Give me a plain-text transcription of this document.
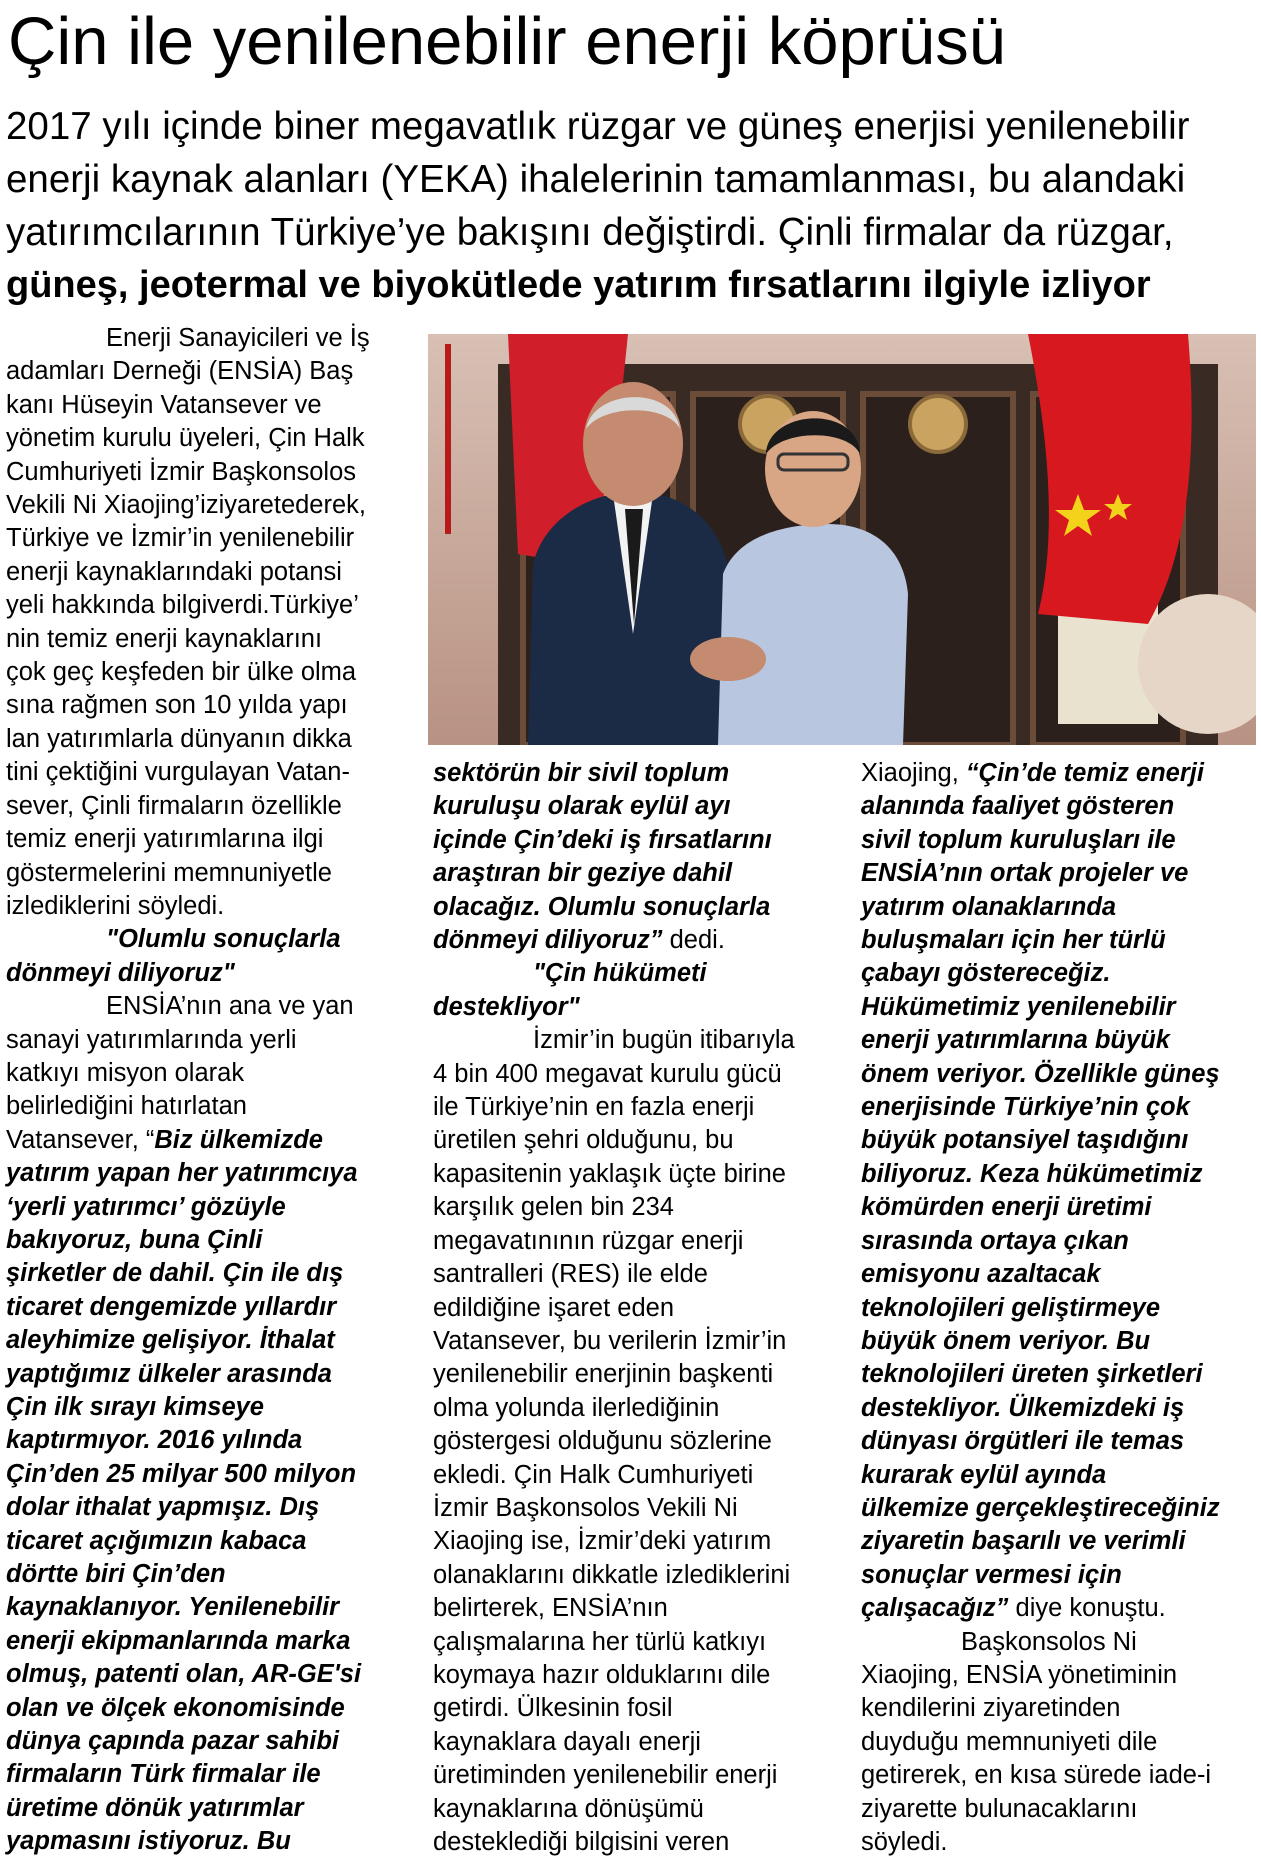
Çin ile yenilenebilir enerji köprüsü
2017 yılı içinde biner megavatlık rüzgar ve güneş enerjisi yenilenebilir
enerji kaynak alanları (YEKA) ihalelerinin tamamlanması, bu alandaki
yatırımcılarının Türkiye’ye bakışını değiştirdi. Çinli firmalar da rüzgar,
güneş, jeotermal ve biyokütlede yatırım fırsatlarını ilgiyle izliyor
Enerji Sanayicileri ve İş
adamları Derneği (ENSİA) Baş
kanı Hüseyin Vatansever ve
yönetim kurulu üyeleri, Çin Halk
Cumhuriyeti İzmir Başkonsolos
Vekili Ni Xiaojing’iziyaretederek,
Türkiye ve İzmir’in yenilenebilir
enerji kaynaklarındaki potansi
yeli hakkında bilgiverdi.Türkiye’
nin temiz enerji kaynaklarını
çok geç keşfeden bir ülke olma
sına rağmen son 10 yılda yapı
lan yatırımlarla dünyanın dikka
tini çektiğini vurgulayan Vatan-
sever, Çinli firmaların özellikle
temiz enerji yatırımlarına ilgi
göstermelerini memnuniyetle
izlediklerini söyledi.
"Olumlu sonuçlarla
dönmeyi diliyoruz"
ENSİA’nın ana ve yan
sanayi yatırımlarında yerli
katkıyı misyon olarak
belirlediğini hatırlatan
Vatansever, “Biz ülkemizde
yatırım yapan her yatırımcıya
‘yerli yatırımcı’ gözüyle
bakıyoruz, buna Çinli
şirketler de dahil. Çin ile dış
ticaret dengemizde yıllardır
aleyhimize gelişiyor. İthalat
yaptığımız ülkeler arasında
Çin ilk sırayı kimseye
kaptırmıyor. 2016 yılında
Çin’den 25 milyar 500 milyon
dolar ithalat yapmışız. Dış
ticaret açığımızın kabaca
dörtte biri Çin’den
kaynaklanıyor. Yenilenebilir
enerji ekipmanlarında marka
olmuş, patenti olan, AR-GE'si
olan ve ölçek ekonomisinde
dünya çapında pazar sahibi
firmaların Türk firmalar ile
üretime dönük yatırımlar
yapmasını istiyoruz. Bu
sektörün bir sivil toplum
kuruluşu olarak eylül ayı
içinde Çin’deki iş fırsatlarını
araştıran bir geziye dahil
olacağız. Olumlu sonuçlarla
dönmeyi diliyoruz” dedi.
"Çin hükümeti
destekliyor"
İzmir’in bugün itibarıyla
4 bin 400 megavat kurulu gücü
ile Türkiye’nin en fazla enerji
üretilen şehri olduğunu, bu
kapasitenin yaklaşık üçte birine
karşılık gelen bin 234
megavatınının rüzgar enerji
santralleri (RES) ile elde
edildiğine işaret eden
Vatansever, bu verilerin İzmir’in
yenilenebilir enerjinin başkenti
olma yolunda ilerlediğinin
göstergesi olduğunu sözlerine
ekledi. Çin Halk Cumhuriyeti
İzmir Başkonsolos Vekili Ni
Xiaojing ise, İzmir’deki yatırım
olanaklarını dikkatle izlediklerini
belirterek, ENSİA’nın
çalışmalarına her türlü katkıyı
koymaya hazır olduklarını dile
getirdi. Ülkesinin fosil
kaynaklara dayalı enerji
üretiminden yenilenebilir enerji
kaynaklarına dönüşümü
desteklediği bilgisini veren
Xiaojing, “Çin’de temiz enerji
alanında faaliyet gösteren
sivil toplum kuruluşları ile
ENSİA’nın ortak projeler ve
yatırım olanaklarında
buluşmaları için her türlü
çabayı göstereceğiz.
Hükümetimiz yenilenebilir
enerji yatırımlarına büyük
önem veriyor. Özellikle güneş
enerjisinde Türkiye’nin çok
büyük potansiyel taşıdığını
biliyoruz. Keza hükümetimiz
kömürden enerji üretimi
sırasında ortaya çıkan
emisyonu azaltacak
teknolojileri geliştirmeye
büyük önem veriyor. Bu
teknolojileri üreten şirketleri
destekliyor. Ülkemizdeki iş
dünyası örgütleri ile temas
kurarak eylül ayında
ülkemize gerçekleştireceğiniz
ziyaretin başarılı ve verimli
sonuçlar vermesi için
çalışacağız” diye konuştu.
Başkonsolos Ni
Xiaojing, ENSİA yönetiminin
kendilerini ziyaretinden
duyduğu memnuniyeti dile
getirerek, en kısa sürede iade-i
ziyarette bulunacaklarını
söyledi.
